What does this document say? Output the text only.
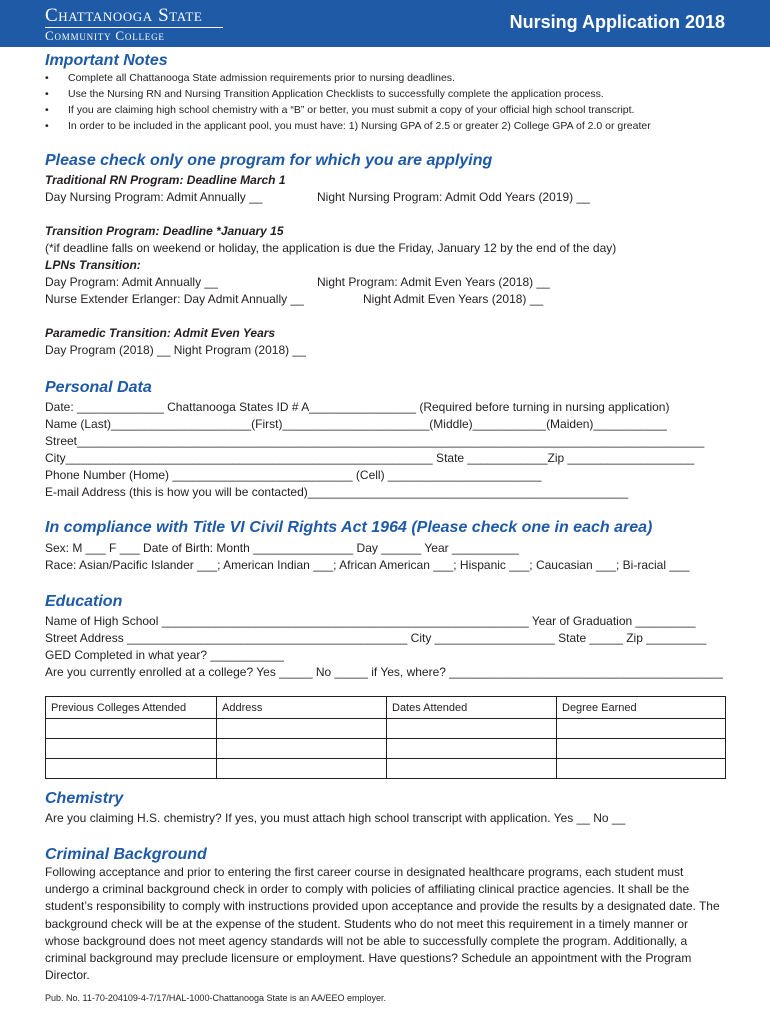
Chattanooga State
Community College
Nursing Application 2018
Important Notes
• Complete all Chattanooga State admission requirements prior to nursing deadlines.
• Use the Nursing RN and Nursing Transition Application Checklists to successfully complete the application process.
• If you are claiming high school chemistry with a “B” or better, you must submit a copy of your official high school transcript.
• In order to be included in the applicant pool, you must have: 1) Nursing GPA of 2.5 or greater 2) College GPA of 2.0 or greater
Please check only one program for which you are applying
Traditional RN Program: Deadline March 1
Day Nursing Program: Admit Annually __	Night Nursing Program: Admit Odd Years (2019) __
Transition Program: Deadline *January 15
(*if deadline falls on weekend or holiday, the application is due the Friday, January 12 by the end of the day)
LPNs Transition:
Day Program: Admit Annually __	Night Program: Admit Even Years (2018) __
Nurse Extender Erlanger: Day Admit Annually __	Night Admit Even Years (2018) __
Paramedic Transition: Admit Even Years
Day Program (2018) __ Night Program (2018) __
Personal Data
Date: _____________ Chattanooga States ID # A________________ (Required before turning in nursing application)
Name (Last)_____________________(First)______________________(Middle)___________(Maiden)___________
Street______________________________________________________________________________________________
City_______________________________________________________ State ____________Zip ___________________
Phone Number (Home) ___________________________ (Cell) _______________________
E-mail Address (this is how you will be contacted)________________________________________________
In compliance with Title VI Civil Rights Act 1964 (Please check one in each area)
Sex: M ___ F ___ Date of Birth: Month _______________ Day ______ Year __________
Race: Asian/Pacific Islander ___; American Indian ___; African American ___; Hispanic ___; Caucasian ___; Bi-racial ___
Education
Name of High School _______________________________________________________ Year of Graduation _________
Street Address __________________________________________ City __________________ State _____ Zip _________
GED Completed in what year? ___________
Are you currently enrolled at a college? Yes _____ No _____ if Yes, where? _________________________________________
Previous Colleges Attended	Address	Dates Attended	Degree Earned

Chemistry
Are you claiming H.S. chemistry? If yes, you must attach high school transcript with application. Yes __ No __
Criminal Background
Following acceptance and prior to entering the first career course in designated healthcare programs, each student must undergo a criminal background check in order to comply with policies of affiliating clinical practice agencies. It shall be the student’s responsibility to comply with instructions provided upon acceptance and provide the results by a designated date. The background check will be at the expense of the student. Students who do not meet this requirement in a timely manner or whose background does not meet agency standards will not be able to successfully complete the program. Additionally, a criminal background may preclude licensure or employment. Have questions? Schedule an appointment with the Program Director.
Pub. No. 11-70-204109-4-7/17/HAL-1000-Chattanooga State is an AA/EEO employer.
